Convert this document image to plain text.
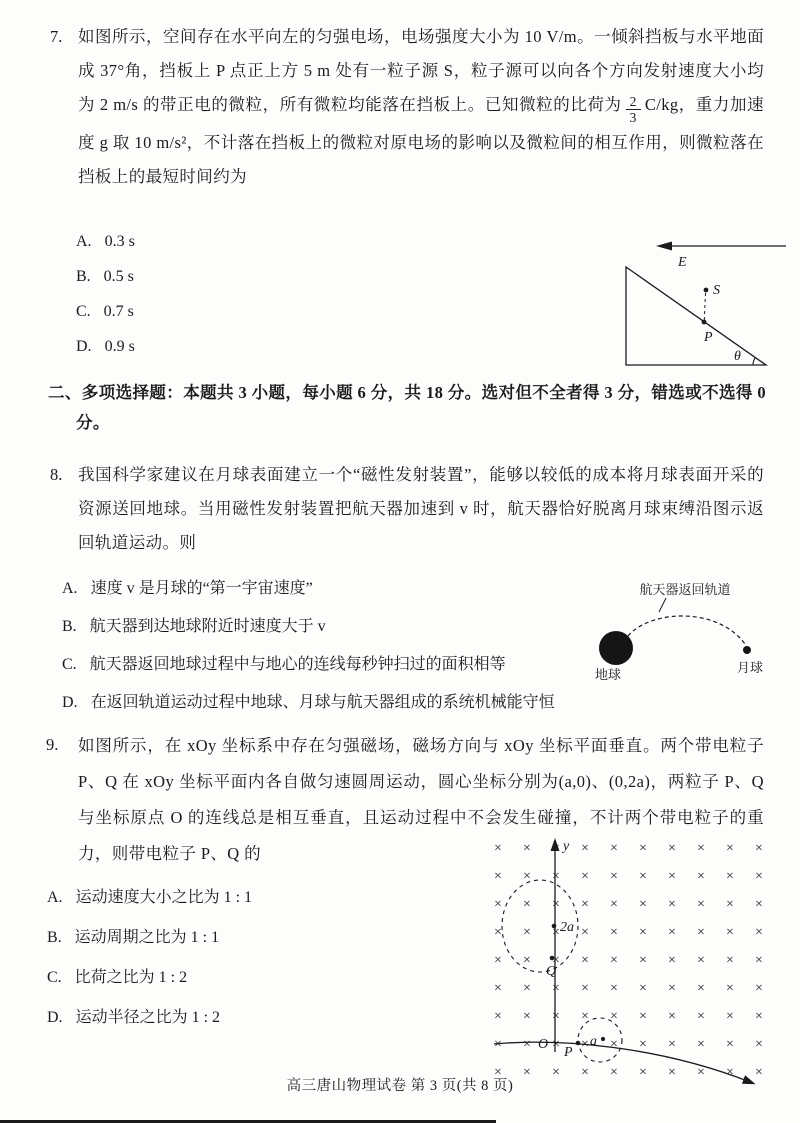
7. 如图所示，空间存在水平向左的匀强电场，电场强度大小为 10 V/m。一倾斜挡板与水平地面成 37°角，挡板上 P 点正上方 5 m 处有一粒子源 S，粒子源可以向各个方向发射速度大小均为 2 m/s 的带正电的微粒，所有微粒均能落在挡板上。已知微粒的比荷为 $\frac{2}{3} C/kg$，重力加速度 g 取 10 m/s²，不计落在挡板上的微粒对原电场的影响以及微粒间的相互作用，则微粒落在挡板上的最短时间约为

A. 0.3 s
B. 0.5 s
C. 0.7 s
D. 0.9 s
E
θ
S
P

二、多项选择题：本题共 3 小题，每小题 6 分，共 18 分。选对但不全者得 3 分，错选或不选得 0 分。

8. 我国科学家建议在月球表面建立一个“磁性发射装置”，能够以较低的成本将月球表面开采的资源送回地球。当用磁性发射装置把航天器加速到 v 时，航天器恰好脱离月球束缚沿图示返回轨道运动。则

A. 速度 v 是月球的“第一宇宙速度”
B. 航天器到达地球附近时速度大于 v
C. 航天器返回地球过程中与地心的连线每秒钟扫过的面积相等
D. 在返回轨道运动过程中地球、月球与航天器组成的系统机械能守恒
航天器返回轨道
地球	月球
9. 如图所示，在 xOy 坐标系中存在匀强磁场，磁场方向与 xOy 坐标平面垂直。两个带电粒子 P、Q 在 xOy 坐标平面内各自做匀速圆周运动，圆心坐标分别为(a,0)、(0,2a)，两粒子 P、Q 与坐标原点 O 的连线总是相互垂直，且运动过程中不会发生碰撞，不计两个带电粒子的重力，则带电粒子 P、Q 的

A. 运动速度大小之比为 1 : 1
B. 运动周期之比为 1 : 1
C. 比荷之比为 1 : 2
D. 运动半径之比为 1 : 2
y
2a
Q
a
P
O

高三唐山物理试卷 第 3 页(共 8 页)
